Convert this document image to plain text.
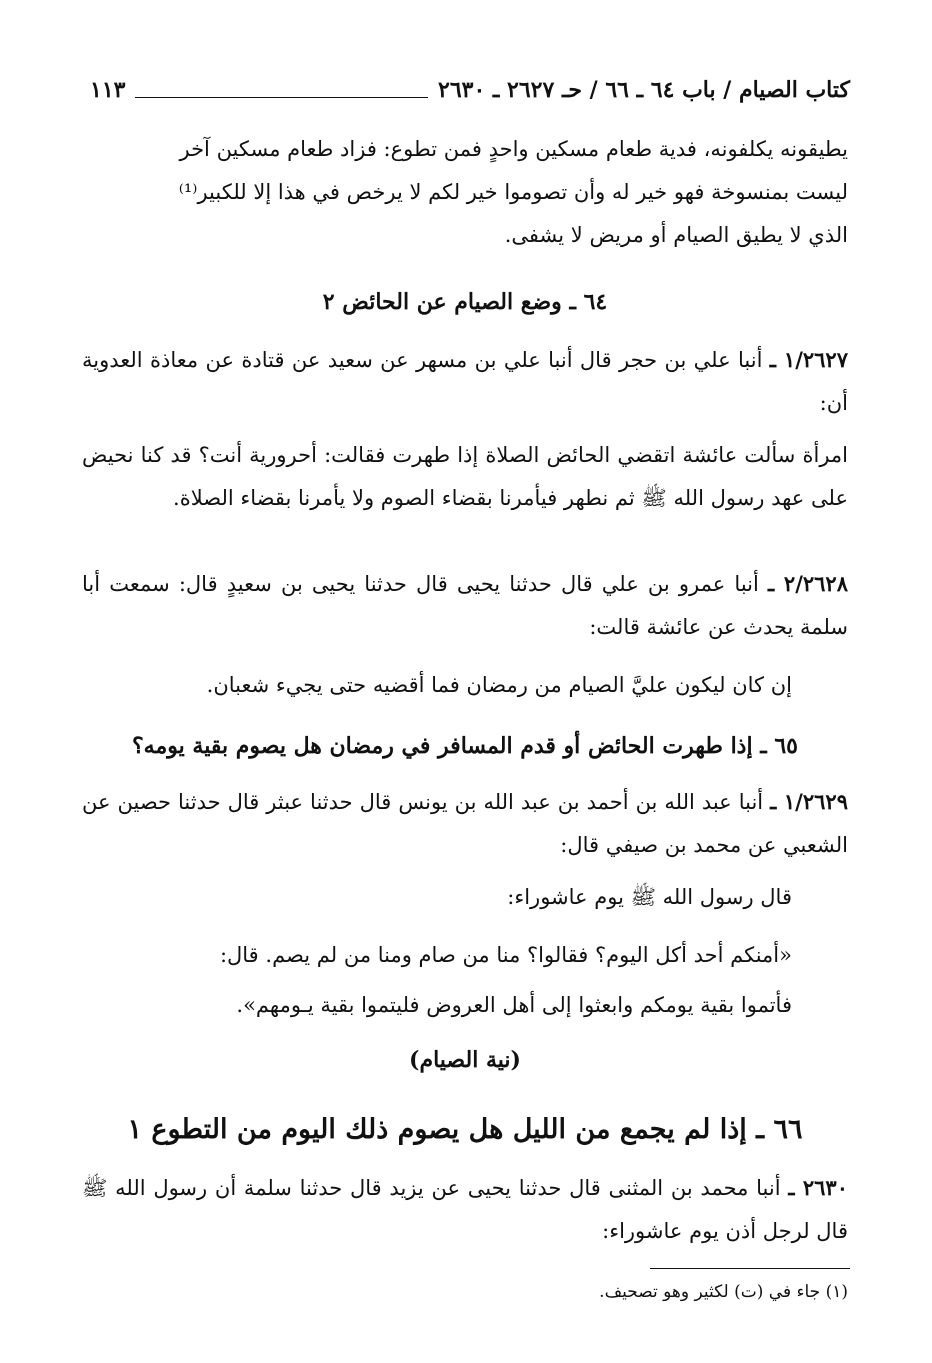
كتاب الصيام / باب ٦٤ ـ ٦٦ / حـ ٢٦٢٧ ـ ٢٦٣٠
١١٣
يطيقونه يكلفونه، فدية طعام مسكين واحدٍ فمن تطوع: فزاد طعام مسكين آخر
ليست بمنسوخة فهو خير له وأن تصوموا خير لكم لا يرخص في هذا إلا للكبير⁽¹⁾
الذي لا يطيق الصيام أو مريض لا يشفى.
٦٤ ـ وضع الصيام عن الحائض ٢
١/٢٦٢٧ ـ أنبا علي بن حجر قال أنبا علي بن مسهر عن سعيد عن قتادة عن معاذة العدوية أن:
امرأة سألت عائشة اتقضي الحائض الصلاة إذا طهرت فقالت: أحرورية أنت؟ قد كنا نحيض على عهد رسول الله ﷺ ثم نطهر فيأمرنا بقضاء الصوم ولا يأمرنا بقضاء الصلاة.
٢/٢٦٢٨ ـ أنبا عمرو بن علي قال حدثنا يحيى قال حدثنا يحيى بن سعيدٍ قال: سمعت أبا سلمة يحدث عن عائشة قالت:
إن كان ليكون عليَّ الصيام من رمضان فما أقضيه حتى يجيء شعبان.
٦٥ ـ إذا طهرت الحائض أو قدم المسافر في رمضان هل يصوم بقية يومه؟
١/٢٦٢٩ ـ أنبا عبد الله بن أحمد بن عبد الله بن يونس قال حدثنا عبثر قال حدثنا حصين عن الشعبي عن محمد بن صيفي قال:
قال رسول الله ﷺ يوم عاشوراء:
«أمنكم أحد أكل اليوم؟ فقالوا؟ منا من صام ومنا من لم يصم. قال:
فأتموا بقية يومكم وابعثوا إلى أهل العروض فليتموا بقية يـومهم».
(نية الصيام)
٦٦ ـ إذا لم يجمع من الليل هل يصوم ذلك اليوم من التطوع ١
٢٦٣٠ ـ أنبا محمد بن المثنى قال حدثنا يحيى عن يزيد قال حدثنا سلمة أن رسول الله ﷺ قال لرجل أذن يوم عاشوراء:
(١) جاء في (ت) لكثير وهو تصحيف.
